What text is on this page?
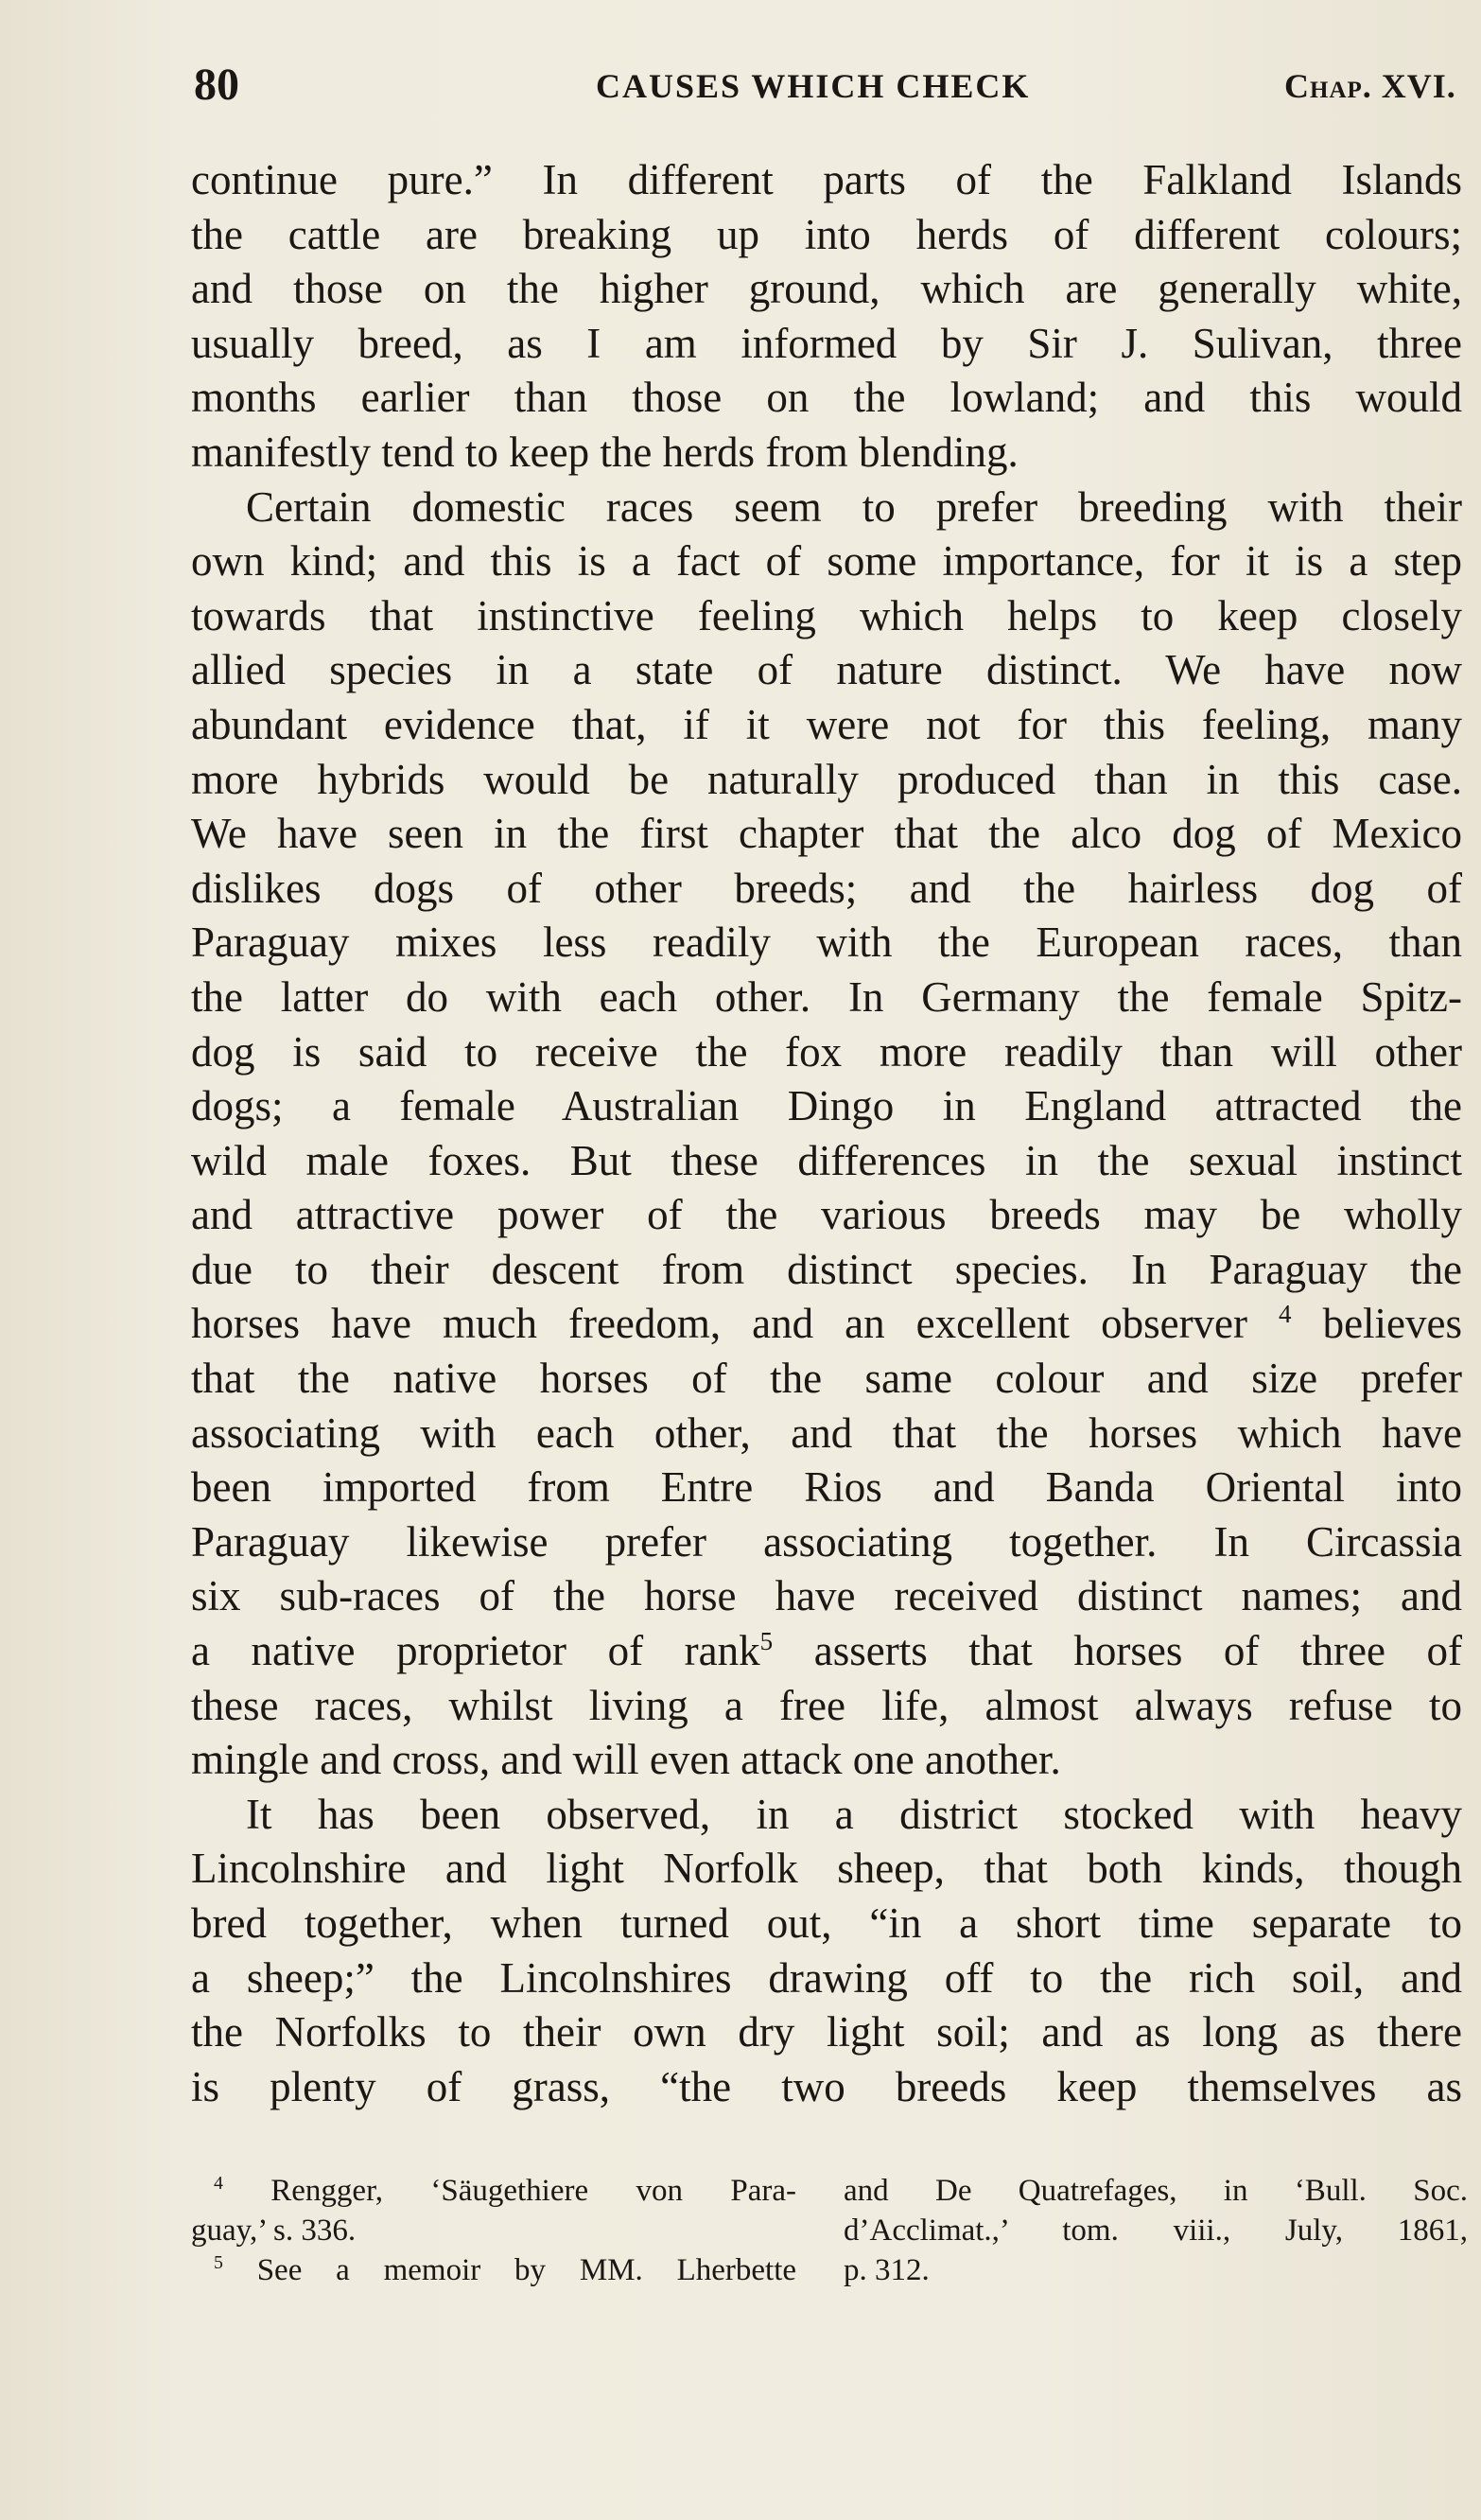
80	CAUSES WHICH CHECK	Chap. XVI.
continue pure.” In different parts of the Falkland Islands
the cattle are breaking up into herds of different colours;
and those on the higher ground, which are generally white,
usually breed, as I am informed by Sir J. Sulivan, three
months earlier than those on the lowland; and this would
manifestly tend to keep the herds from blending.
Certain domestic races seem to prefer breeding with their
own kind; and this is a fact of some importance, for it is a step
towards that instinctive feeling which helps to keep closely
allied species in a state of nature distinct. We have now
abundant evidence that, if it were not for this feeling, many
more hybrids would be naturally produced than in this case.
We have seen in the first chapter that the alco dog of Mexico
dislikes dogs of other breeds; and the hairless dog of
Paraguay mixes less readily with the European races, than
the latter do with each other. In Germany the female Spitz-
dog is said to receive the fox more readily than will other
dogs; a female Australian Dingo in England attracted the
wild male foxes. But these differences in the sexual instinct
and attractive power of the various breeds may be wholly
due to their descent from distinct species. In Paraguay the
horses have much freedom, and an excellent observer $^4$ believes
that the native horses of the same colour and size prefer
associating with each other, and that the horses which have
been imported from Entre Rios and Banda Oriental into
Paraguay likewise prefer associating together. In Circassia
six sub-races of the horse have received distinct names; and
a native proprietor of rank$^5$ asserts that horses of three of
these races, whilst living a free life, almost always refuse to
mingle and cross, and will even attack one another.
It has been observed, in a district stocked with heavy
Lincolnshire and light Norfolk sheep, that both kinds, though
bred together, when turned out, “in a short time separate to
a sheep;” the Lincolnshires drawing off to the rich soil, and
the Norfolks to their own dry light soil; and as long as there
is plenty of grass, “the two breeds keep themselves as
$^4$ Rengger, ‘Säugethiere von Para-
guay,’ s. 336.
$^5$ See a memoir by MM. Lherbette
and De Quatrefages, in ‘Bull. Soc.
d’Acclimat.,’ tom. viii., July, 1861,
p. 312.
